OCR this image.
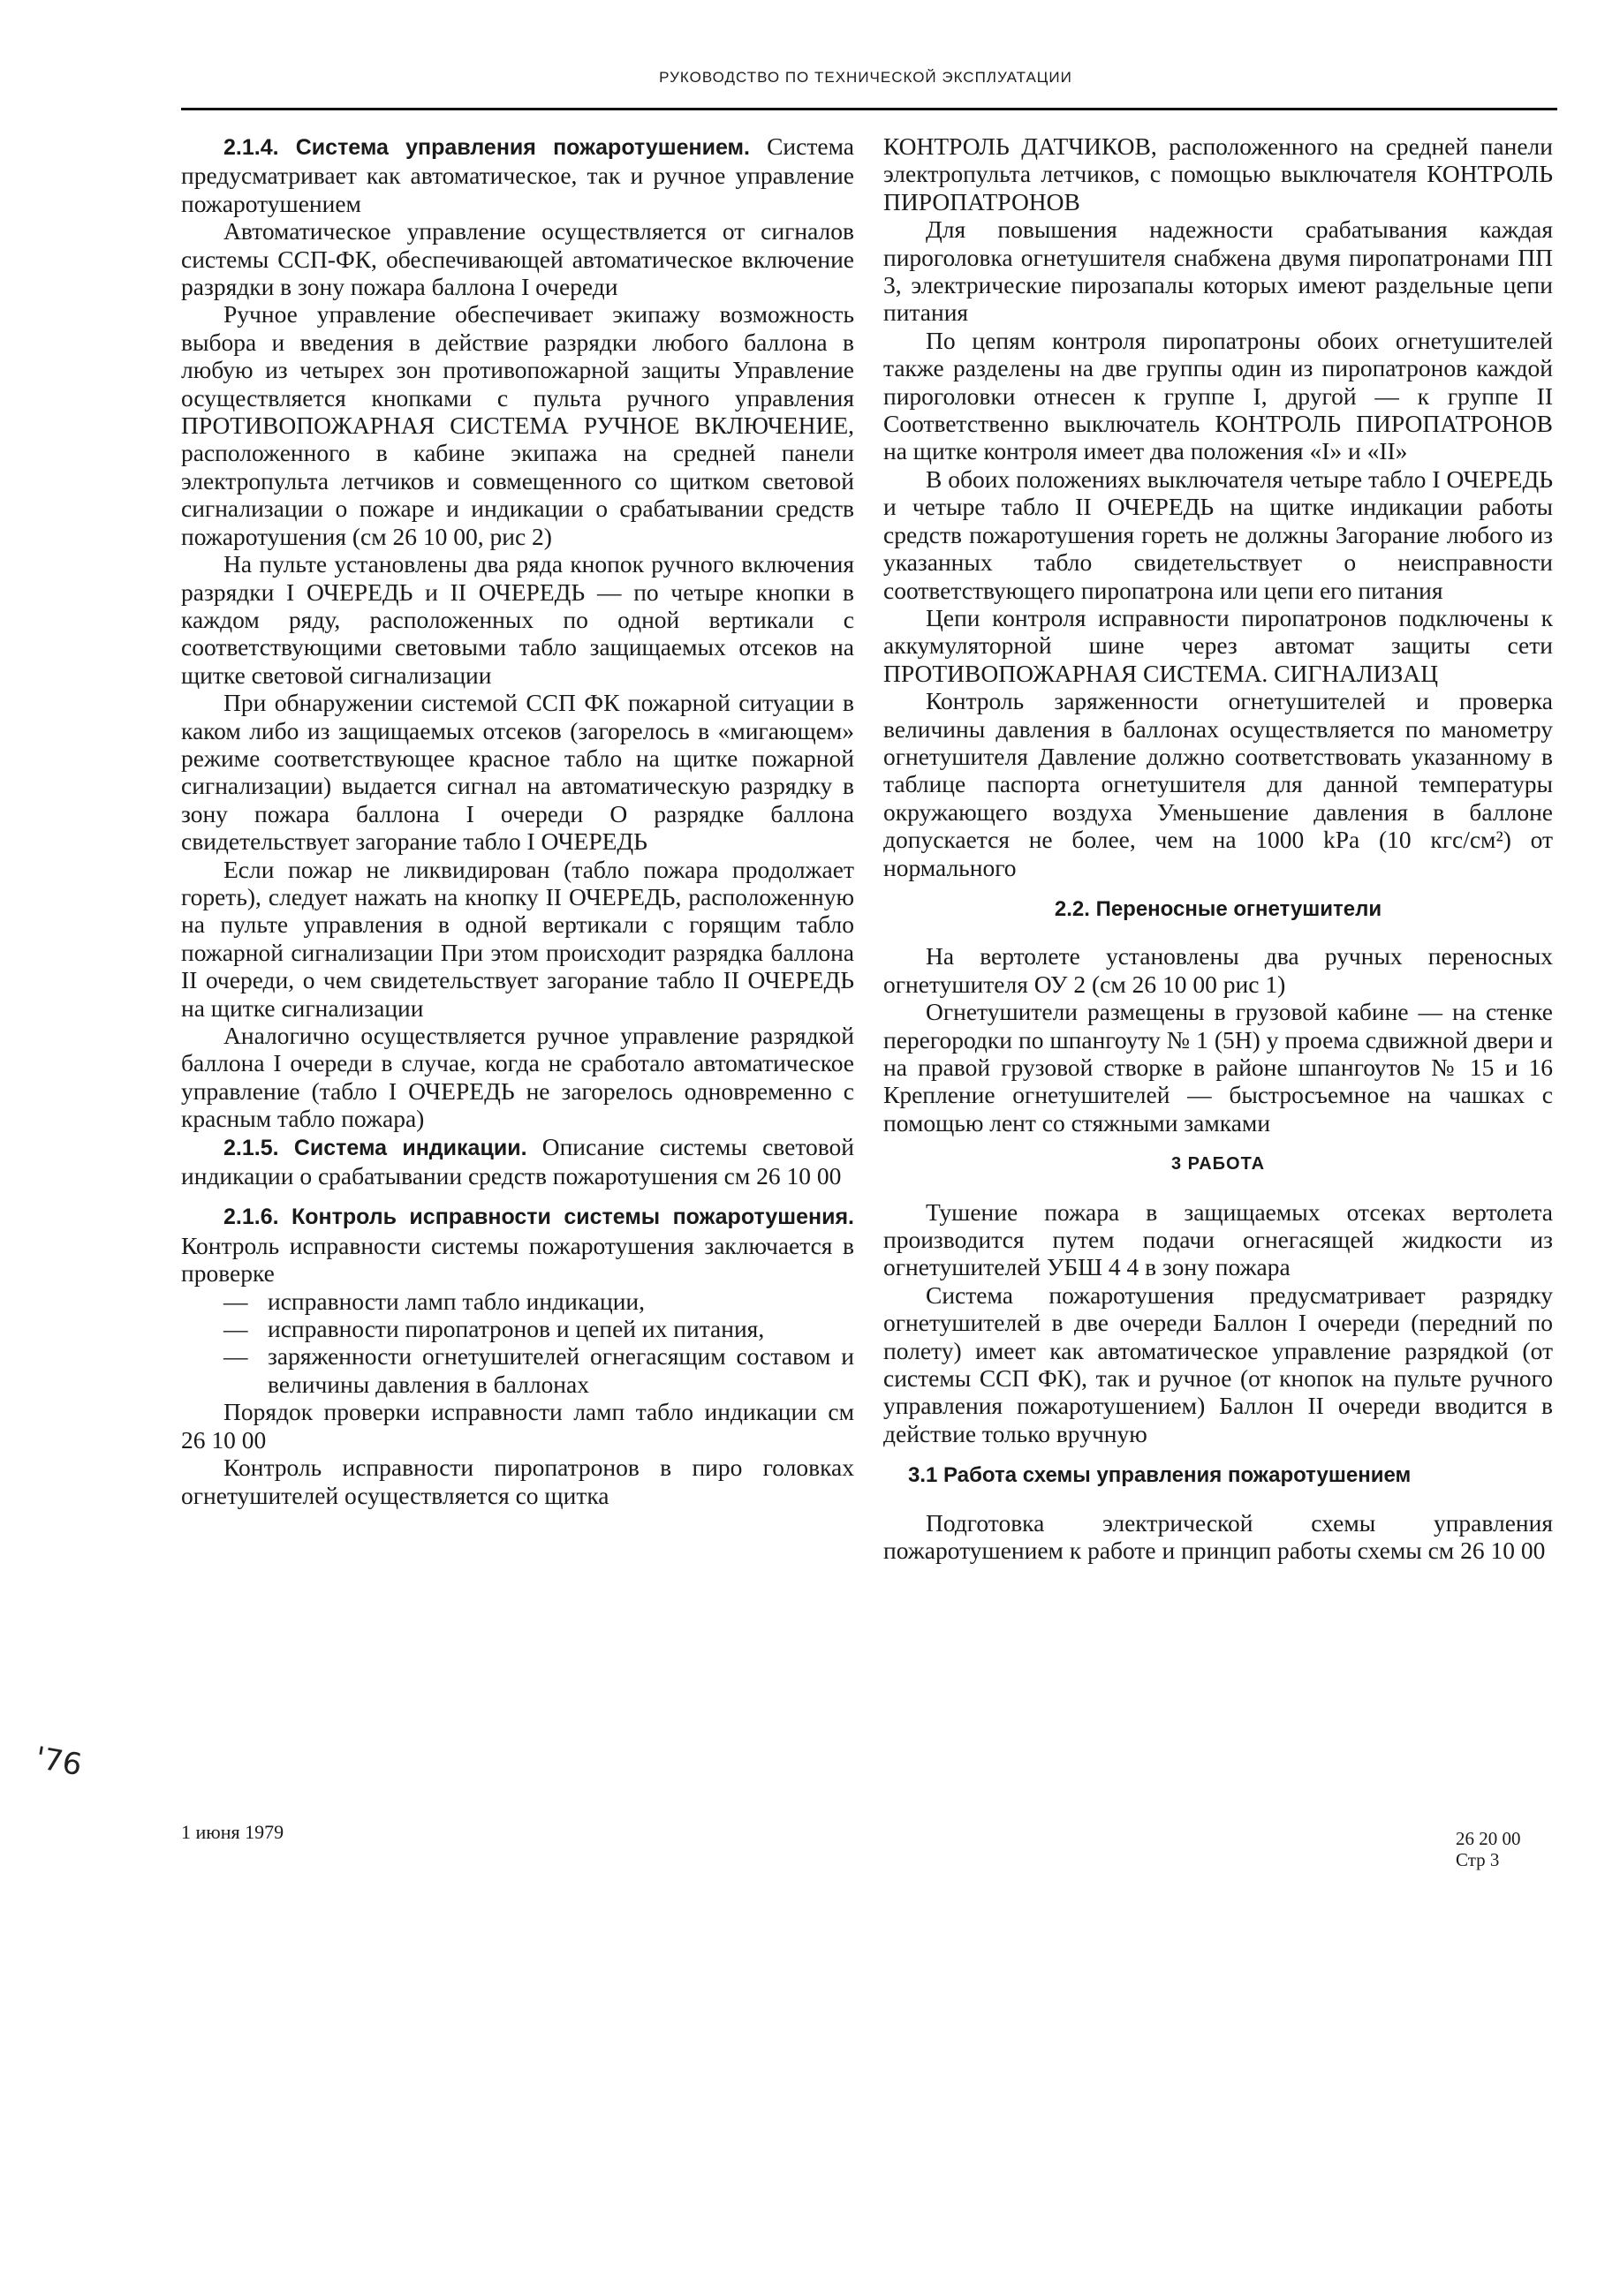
РУКОВОДСТВО ПО ТЕХНИЧЕСКОЙ ЭКСПЛУАТАЦИИ

2.1.4. Система управления пожаротушением. Система предусматривает как автоматическое, так и ручное управление пожаротушением

Автоматическое управление осуществляется от сигналов системы ССП-ФК, обеспечивающей автоматическое включение разрядки в зону пожара баллона I очереди

Ручное управление обеспечивает экипажу возможность выбора и введения в действие разрядки любого баллона в любую из четырех зон противопожарной защиты Управление осуществляется кнопками с пульта ручного управления ПРОТИВОПОЖАРНАЯ СИСТЕМА РУЧНОЕ ВКЛЮЧЕНИЕ, расположенного в кабине экипажа на средней панели электропульта летчиков и совмещенного со щитком световой сигнализации о пожаре и индикации о срабатывании средств пожаротушения (см 26 10 00, рис 2)

На пульте установлены два ряда кнопок ручного включения разрядки I ОЧЕРЕДЬ и II ОЧЕРЕДЬ — по четыре кнопки в каждом ряду, расположенных по одной вертикали с соответствующими световыми табло защищаемых отсеков на щитке световой сигнализации

При обнаружении системой ССП ФК пожарной ситуации в каком либо из защищаемых отсеков (загорелось в «мигающем» режиме соответствующее красное табло на щитке пожарной сигнализации) выдается сигнал на автоматическую разрядку в зону пожара баллона I очереди О разрядке баллона свидетельствует загорание табло I ОЧЕРЕДЬ

Если пожар не ликвидирован (табло пожара продолжает гореть), следует нажать на кнопку II ОЧЕРЕДЬ, расположенную на пульте управления в одной вертикали с горящим табло пожарной сигнализации При этом происходит разрядка баллона II очереди, о чем свидетельствует загорание табло II ОЧЕРЕДЬ на щитке сигнализации

Аналогично осуществляется ручное управление разрядкой баллона I очереди в случае, когда не сработало автоматическое управление (табло I ОЧЕРЕДЬ не загорелось одновременно с красным табло пожара)

2.1.5. Система индикации. Описание системы световой индикации о срабатывании средств пожаротушения см 26 10 00

2.1.6. Контроль исправности системы пожаротушения. Контроль исправности системы пожаротушения заключается в проверке

— исправности ламп табло индикации,
— исправности пиропатронов и цепей их питания,
— заряженности огнетушителей огнегасящим составом и величины давления в баллонах

Порядок проверки исправности ламп табло индикации см 26 10 00

Контроль исправности пиропатронов в пиро головках огнетушителей осуществляется со щитка

КОНТРОЛЬ ДАТЧИКОВ, расположенного на средней панели электропульта летчиков, с помощью выключателя КОНТРОЛЬ ПИРОПАТРОНОВ

Для повышения надежности срабатывания каждая пироголовка огнетушителя снабжена двумя пиропатронами ПП 3, электрические пирозапалы которых имеют раздельные цепи питания

По цепям контроля пиропатроны обоих огнетушителей также разделены на две группы один из пиропатронов каждой пироголовки отнесен к группе I, другой — к группе II Соответственно выключатель КОНТРОЛЬ ПИРОПАТРОНОВ на щитке контроля имеет два положения «I» и «II»

В обоих положениях выключателя четыре табло I ОЧЕРЕДЬ и четыре табло II ОЧЕРЕДЬ на щитке индикации работы средств пожаротушения гореть не должны Загорание любого из указанных табло свидетельствует о неисправности соответствующего пиропатрона или цепи его питания

Цепи контроля исправности пиропатронов подключены к аккумуляторной шине через автомат защиты сети ПРОТИВОПОЖАРНАЯ СИСТЕМА. СИГНАЛИЗАЦ

Контроль заряженности огнетушителей и проверка величины давления в баллонах осуществляется по манометру огнетушителя Давление должно соответствовать указанному в таблице паспорта огнетушителя для данной температуры окружающего воздуха Уменьшение давления в баллоне допускается не более, чем на 1000 kPa (10 кгс/см²) от нормального

2.2. Переносные огнетушители

На вертолете установлены два ручных переносных огнетушителя ОУ 2 (см 26 10 00 рис 1)

Огнетушители размещены в грузовой кабине — на стенке перегородки по шпангоуту № 1 (5Н) у проема сдвижной двери и на правой грузовой створке в районе шпангоутов № 15 и 16 Крепление огнетушителей — быстросъемное на чашках с помощью лент со стяжными замками

3 РАБОТА

Тушение пожара в защищаемых отсеках вертолета производится путем подачи огнегасящей жидкости из огнетушителей УБШ 4 4 в зону пожара

Система пожаротушения предусматривает разрядку огнетушителей в две очереди Баллон I очереди (передний по полету) имеет как автоматическое управление разрядкой (от системы ССП ФК), так и ручное (от кнопок на пульте ручного управления пожаротушением) Баллон II очереди вводится в действие только вручную

3.1 Работа схемы управления пожаротушением

Подготовка электрической схемы управления пожаротушением к работе и принцип работы схемы см 26 10 00

'76
1 июня 1979	26 20 00
Стр 3
